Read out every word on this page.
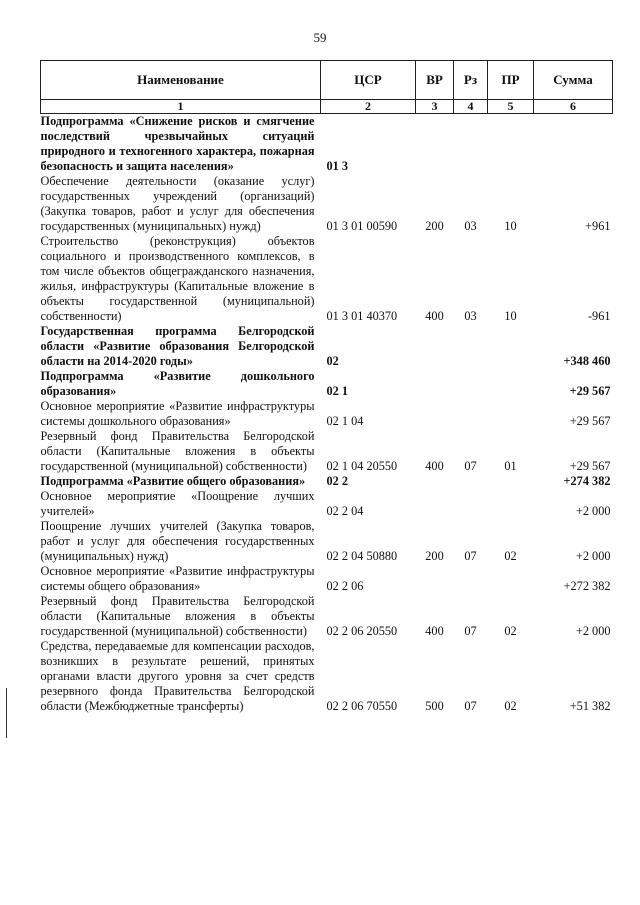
59
Наименование	ЦСР	ВР	Рз	ПР	Сумма
1	2	3	4	5	6
Подпрограмма «Снижение рисков и смягчение последствий чрезвычайных ситуаций природного и техногенного характера, пожарная безопасность и защита населения»	01 3				
Обеспечение деятельности (оказание услуг) государственных учреждений (организаций) (Закупка товаров, работ и услуг для обеспечения государственных (муниципальных) нужд)	01 3 01 00590	200	03	10	+961
Строительство (реконструкция) объектов социального и производственного комплексов, в том числе объектов общегражданского назначения, жилья, инфраструктуры (Капитальные вложение в объекты государственной (муниципальной) собственности)	01 3 01 40370	400	03	10	-961
Государственная программа Белгородской области «Развитие образования Белгородской области на 2014-2020 годы»	02				+348 460
Подпрограмма «Развитие дошкольного образования»	02 1				+29 567
Основное мероприятие «Развитие инфраструктуры системы дошкольного образования»	02 1 04				+29 567
Резервный фонд Правительства Белгородской области (Капитальные вложения в объекты государственной (муниципальной) собственности)	02 1 04 20550	400	07	01	+29 567
Подпрограмма «Развитие общего образования»	02 2				+274 382
Основное мероприятие «Поощрение лучших учителей»	02 2 04				+2 000
Поощрение лучших учителей (Закупка товаров, работ и услуг для обеспечения государственных (муниципальных) нужд)	02 2 04 50880	200	07	02	+2 000
Основное мероприятие «Развитие инфраструктуры системы общего образования»	02 2 06				+272 382
Резервный фонд Правительства Белгородской области (Капитальные вложения в объекты государственной (муниципальной) собственности)	02 2 06 20550	400	07	02	+2 000
Средства, передаваемые для компенсации расходов, возникших в результате решений, принятых органами власти другого уровня за счет средств резервного фонда Правительства Белгородской области (Межбюджетные трансферты)	02 2 06 70550	500	07	02	+51 382
